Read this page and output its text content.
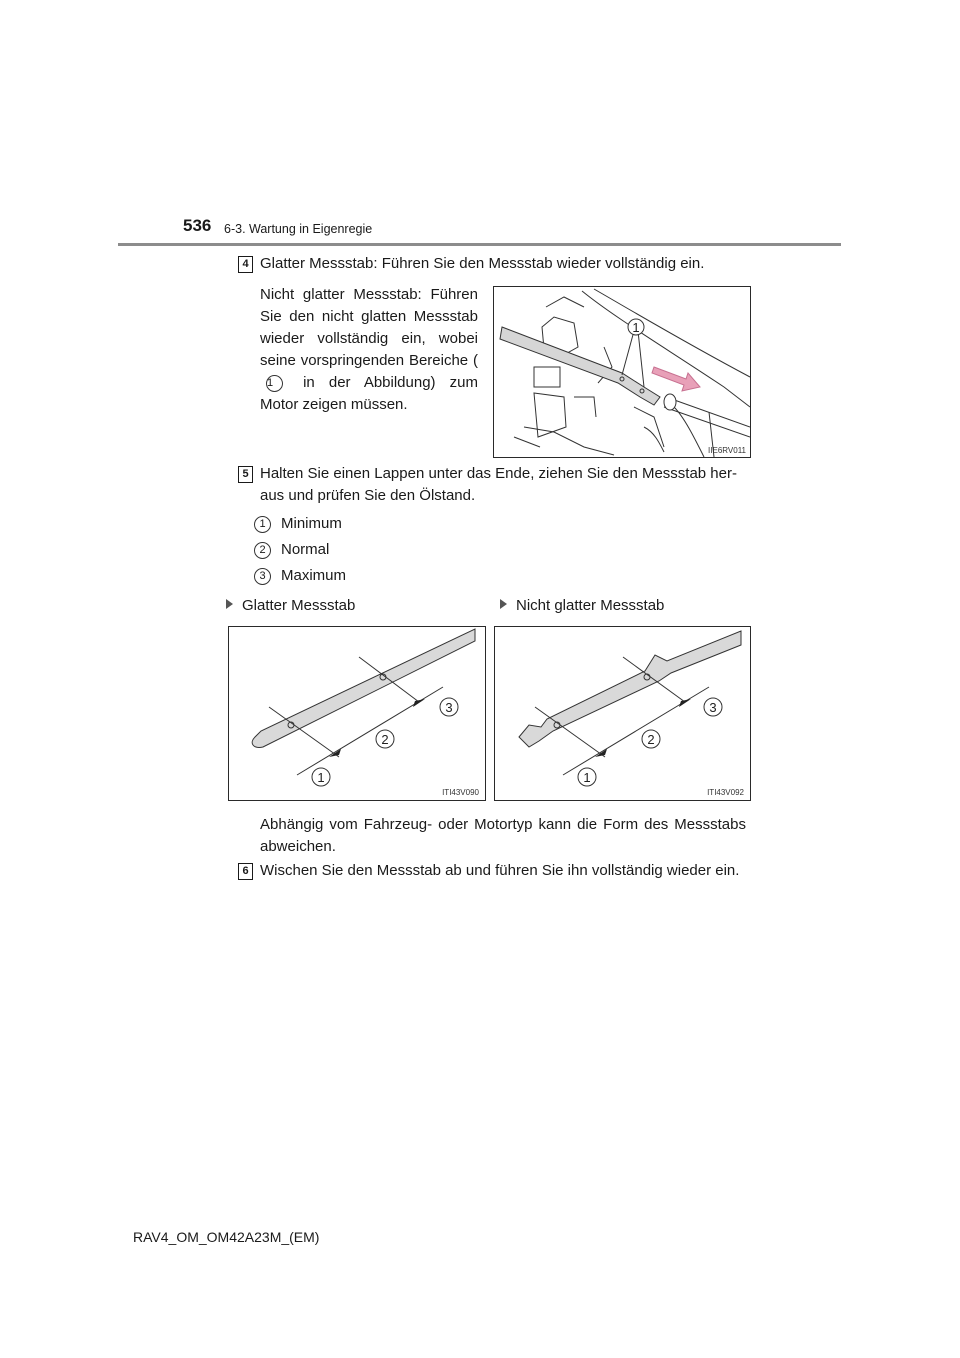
536 6-3. Wartung in Eigenregie
4 Glatter Messstab: Führen Sie den Messstab wieder vollständig ein.
Nicht glatter Messstab: Führen Sie den nicht glatten Messstab wieder vollständig ein, wobei seine vorspringenden Bereiche (1 in der Abbildung) zum Motor zeigen müssen.
1
IIE6RV011
5 Halten Sie einen Lappen unter das Ende, ziehen Sie den Messstab her-aus und prüfen Sie den Ölstand.
1 Minimum
2 Normal
3 Maximum
Glatter Messstab	Nicht glatter Messstab
1
2
3
ITI43V090
1
2
3
ITI43V092
Abhängig vom Fahrzeug- oder Motortyp kann die Form des Messstabs abweichen.
6 Wischen Sie den Messstab ab und führen Sie ihn vollständig wieder ein.
RAV4_OM_OM42A23M_(EM)
